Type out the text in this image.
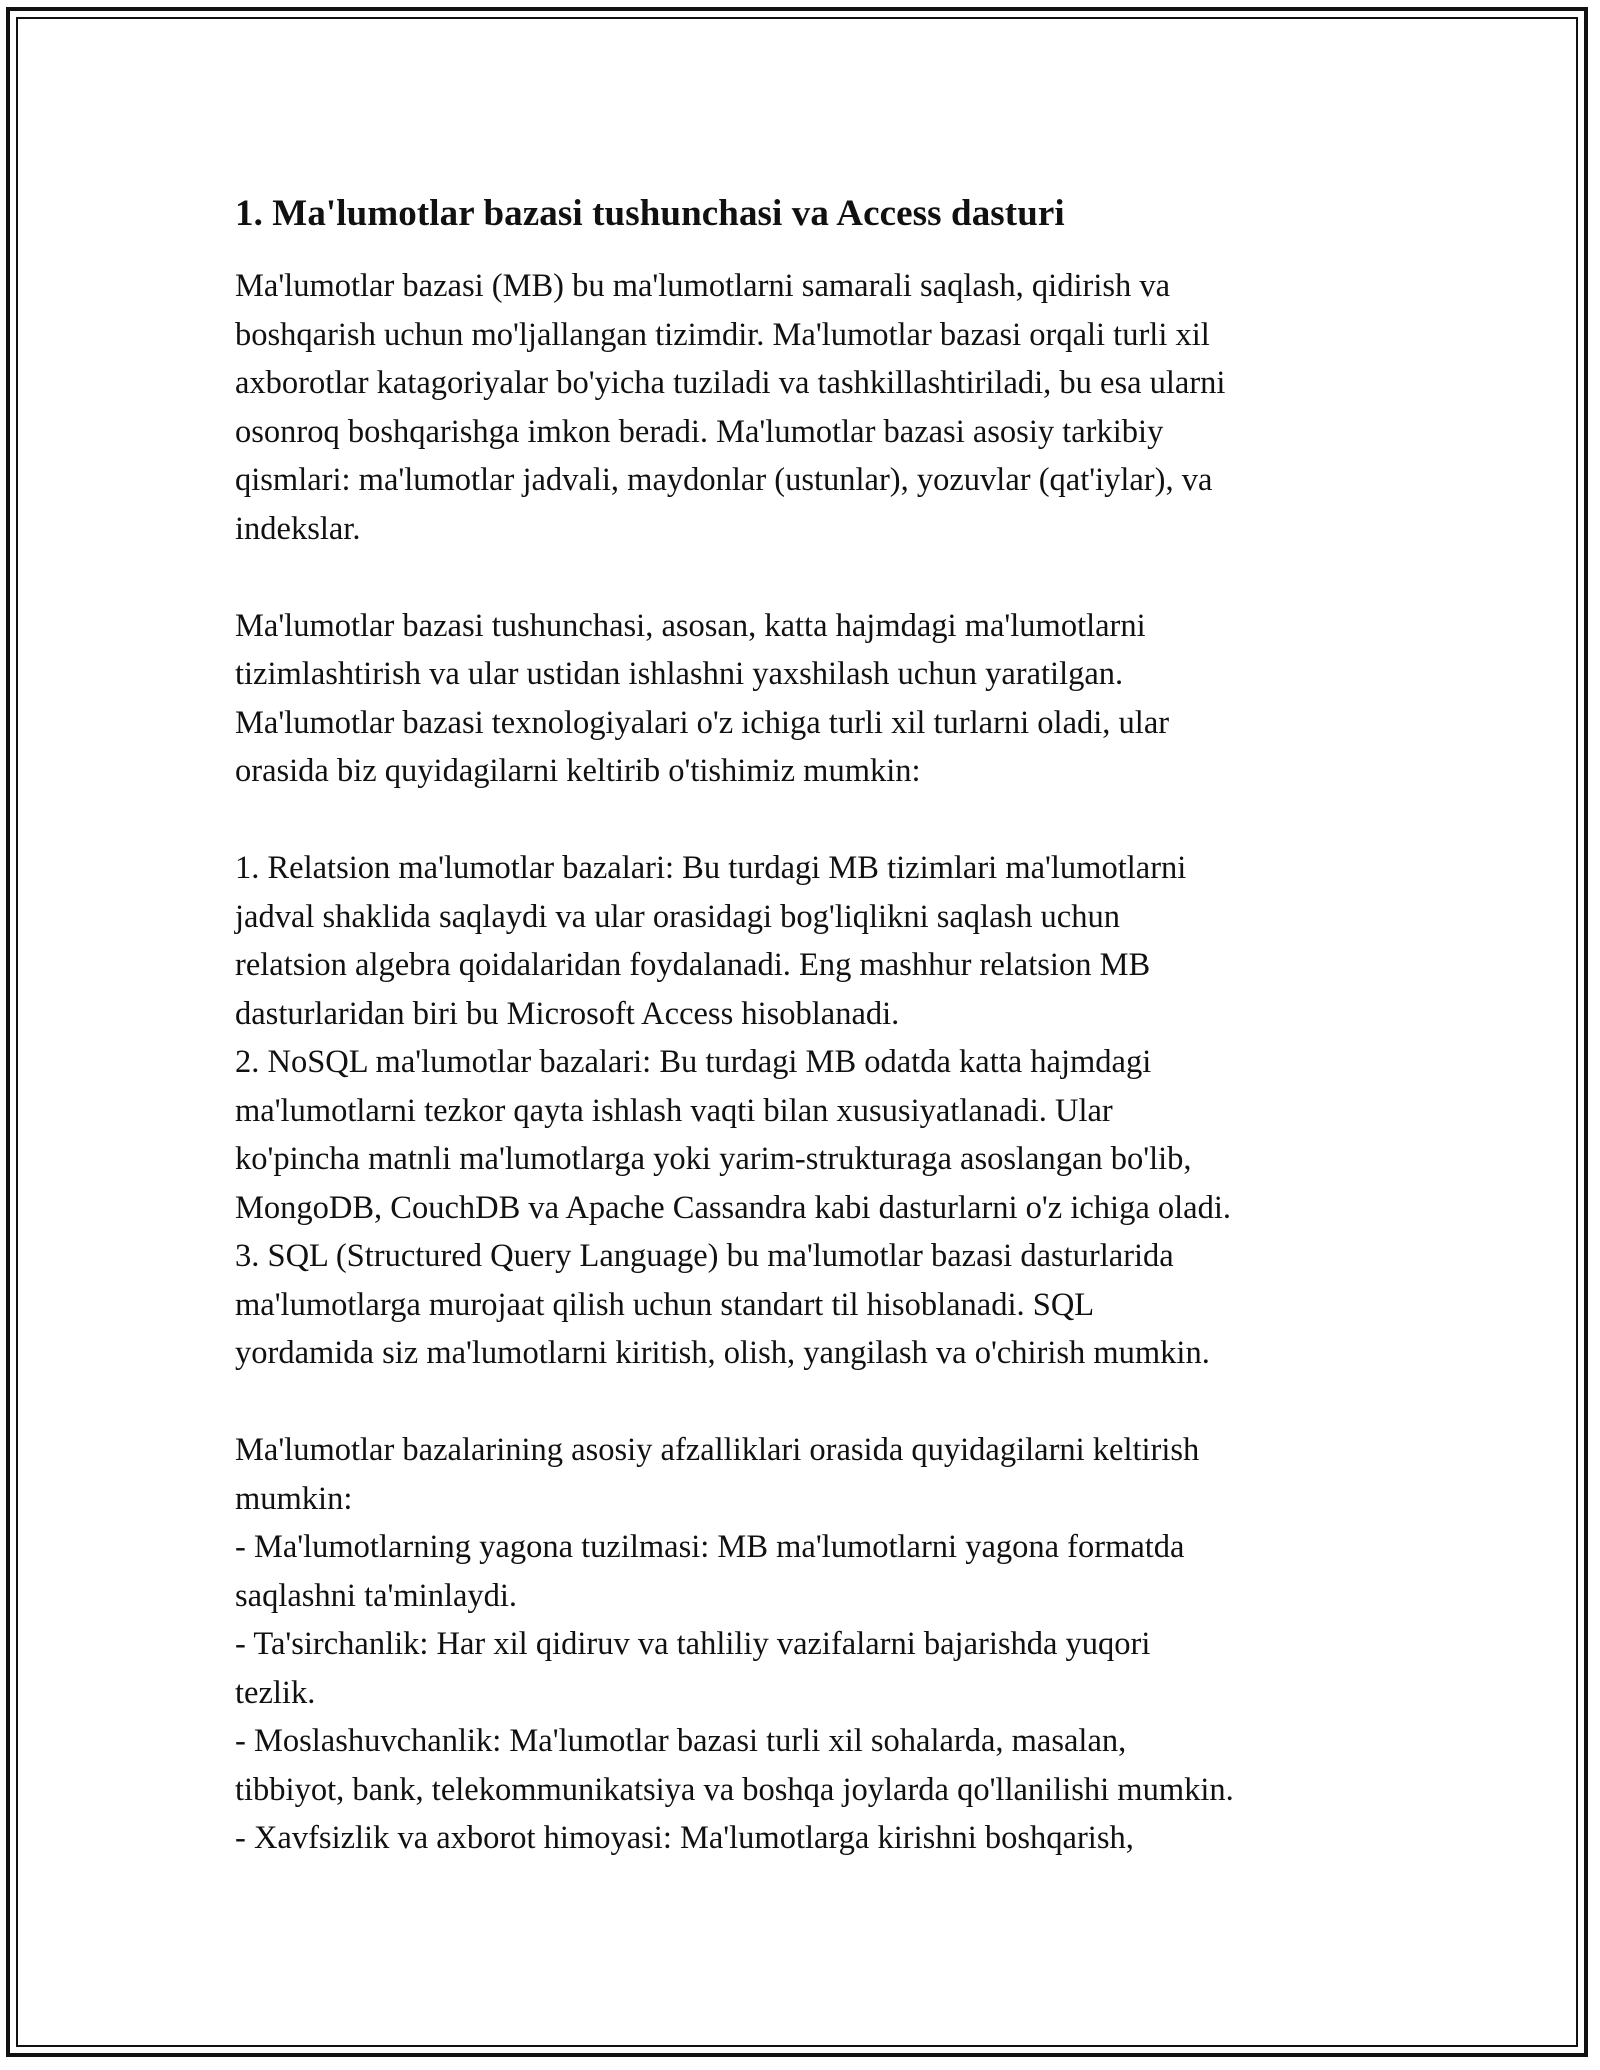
1. Ma'lumotlar bazasi tushunchasi va Access dasturi

Ma'lumotlar bazasi (MB) bu ma'lumotlarni samarali saqlash, qidirish va
boshqarish uchun mo'ljallangan tizimdir. Ma'lumotlar bazasi orqali turli xil
axborotlar katagoriyalar bo'yicha tuziladi va tashkillashtiriladi, bu esa ularni
osonroq boshqarishga imkon beradi. Ma'lumotlar bazasi asosiy tarkibiy
qismlari: ma'lumotlar jadvali, maydonlar (ustunlar), yozuvlar (qat'iylar), va
indekslar.

Ma'lumotlar bazasi tushunchasi, asosan, katta hajmdagi ma'lumotlarni
tizimlashtirish va ular ustidan ishlashni yaxshilash uchun yaratilgan.
Ma'lumotlar bazasi texnologiyalari o'z ichiga turli xil turlarni oladi, ular
orasida biz quyidagilarni keltirib o'tishimiz mumkin:

1. Relatsion ma'lumotlar bazalari: Bu turdagi MB tizimlari ma'lumotlarni
jadval shaklida saqlaydi va ular orasidagi bog'liqlikni saqlash uchun
relatsion algebra qoidalaridan foydalanadi. Eng mashhur relatsion MB
dasturlaridan biri bu Microsoft Access hisoblanadi.
2. NoSQL ma'lumotlar bazalari: Bu turdagi MB odatda katta hajmdagi
ma'lumotlarni tezkor qayta ishlash vaqti bilan xususiyatlanadi. Ular
ko'pincha matnli ma'lumotlarga yoki yarim-strukturaga asoslangan bo'lib,
MongoDB, CouchDB va Apache Cassandra kabi dasturlarni o'z ichiga oladi.
3. SQL (Structured Query Language) bu ma'lumotlar bazasi dasturlarida
ma'lumotlarga murojaat qilish uchun standart til hisoblanadi. SQL
yordamida siz ma'lumotlarni kiritish, olish, yangilash va o'chirish mumkin.

Ma'lumotlar bazalarining asosiy afzalliklari orasida quyidagilarni keltirish
mumkin:
- Ma'lumotlarning yagona tuzilmasi: MB ma'lumotlarni yagona formatda
saqlashni ta'minlaydi.
- Ta'sirchanlik: Har xil qidiruv va tahliliy vazifalarni bajarishda yuqori
tezlik.
- Moslashuvchanlik: Ma'lumotlar bazasi turli xil sohalarda, masalan,
tibbiyot, bank, telekommunikatsiya va boshqa joylarda qo'llanilishi mumkin.
- Xavfsizlik va axborot himoyasi: Ma'lumotlarga kirishni boshqarish,
